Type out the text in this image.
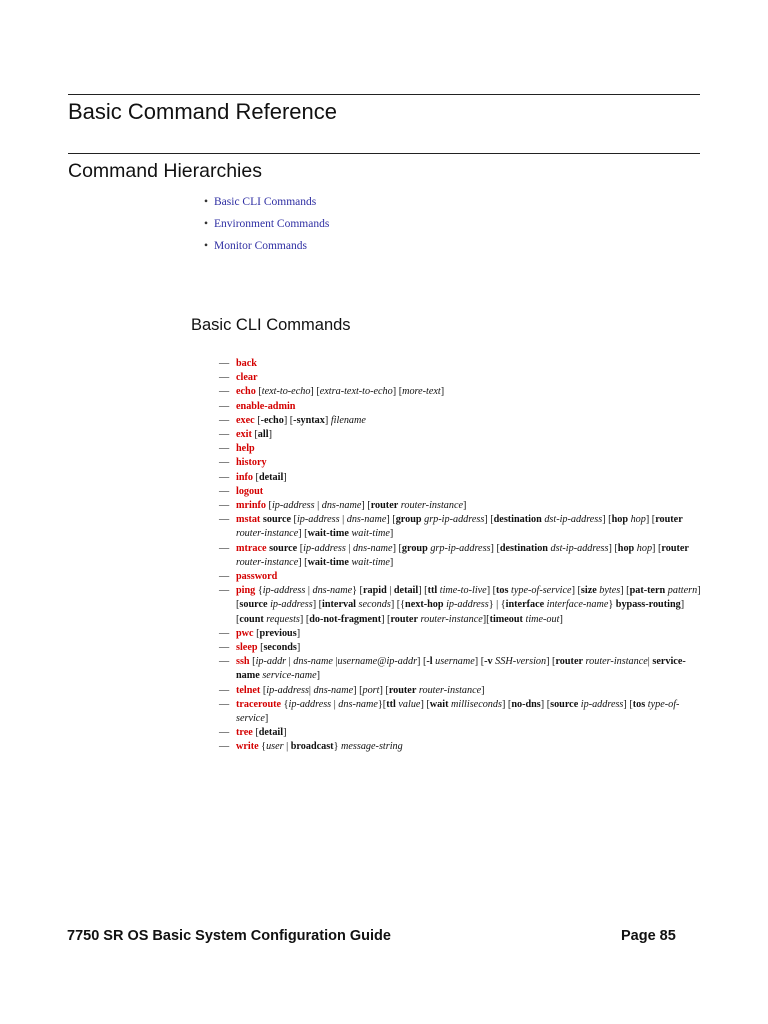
Basic Command Reference
Command Hierarchies
• Basic CLI Commands
• Environment Commands
• Monitor Commands
Basic CLI Commands
— back
— clear
— echo [text-to-echo] [extra-text-to-echo] [more-text]
— enable-admin
— exec [-echo] [-syntax] filename
— exit [all]
— help
— history
— info [detail]
— logout
— mrinfo [ip-address | dns-name] [router router-instance]
— mstat source [ip-address | dns-name] [group grp-ip-address] [destination dst-ip-address] [hop hop] [router router-instance] [wait-time wait-time]
— mtrace source [ip-address | dns-name] [group grp-ip-address] [destination dst-ip-address] [hop hop] [router router-instance] [wait-time wait-time]
— password
— ping {ip-address | dns-name} [rapid | detail] [ttl time-to-live] [tos type-of-service] [size bytes] [pat-tern pattern] [source ip-address] [interval seconds] [{next-hop ip-address} | {interface interface-name} bypass-routing] [count requests] [do-not-fragment] [router router-instance][timeout time-out]
— pwc [previous]
— sleep [seconds]
— ssh [ip-addr | dns-name |username@ip-addr] [-l username] [-v SSH-version] [router router-instance| service-name service-name]
— telnet [ip-address| dns-name] [port] [router router-instance]
— traceroute {ip-address | dns-name}[ttl value] [wait milliseconds] [no-dns] [source ip-address] [tos type-of-service]
— tree [detail]
— write {user | broadcast} message-string
7750 SR OS Basic System Configuration Guide	Page 85
